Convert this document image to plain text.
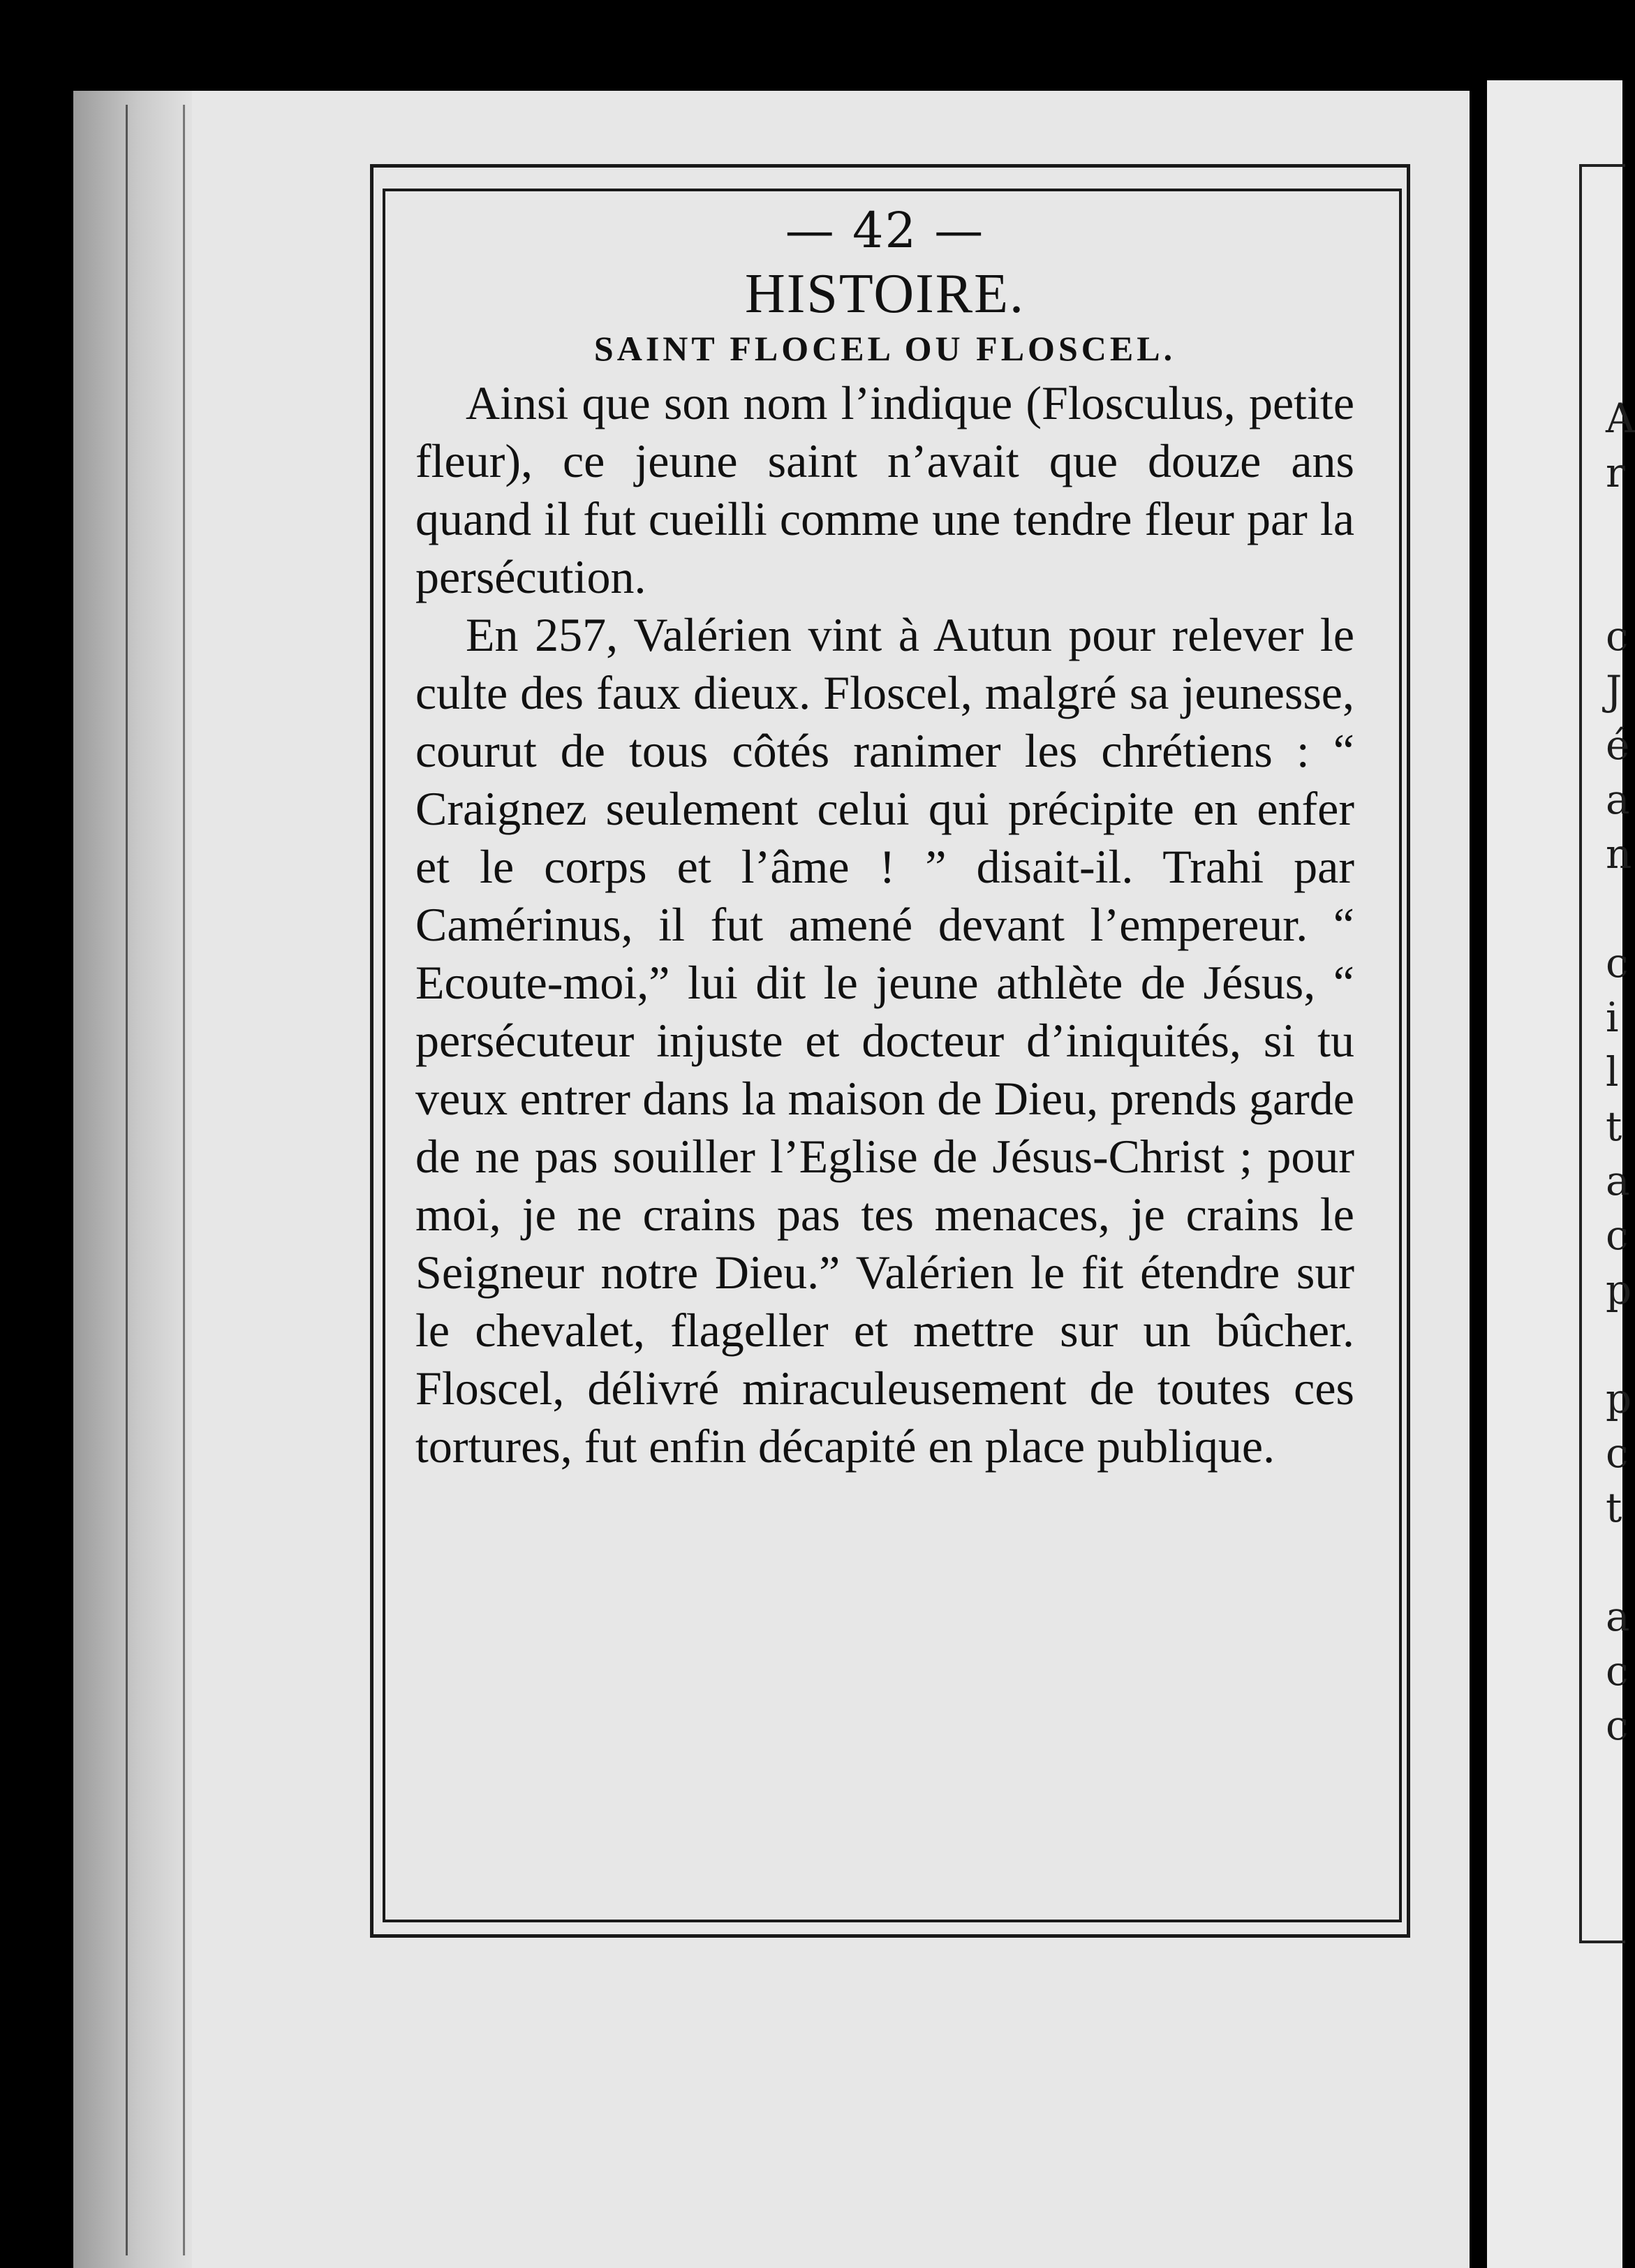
A
r

c
J
é
a
n

c
i
l
t
a
c
p

p
c
t

a
c
c
— 42 —
HISTOIRE.
SAINT FLOCEL OU FLOSCEL.

Ainsi que son nom l’indique (Flosculus, petite fleur), ce jeune saint n’avait que douze ans quand il fut cueilli comme une tendre fleur par la persécution.

En 257, Valérien vint à Autun pour relever le culte des faux dieux. Floscel, malgré sa jeunesse, courut de tous côtés ranimer les chrétiens : “ Craignez seulement celui qui précipite en enfer et le corps et l’âme ! ” disait-il. Trahi par Camérinus, il fut amené devant l’empereur. “ Ecoute-moi,” lui dit le jeune athlète de Jésus, “ persécuteur injuste et docteur d’iniquités, si tu veux entrer dans la maison de Dieu, prends garde de ne pas souiller l’Eglise de Jésus-Christ ; pour moi, je ne crains pas tes menaces, je crains le Seigneur notre Dieu.” Valérien le fit étendre sur le chevalet, flageller et mettre sur un bûcher. Floscel, délivré miraculeusement de toutes ces tortures, fut enfin décapité en place publique.
